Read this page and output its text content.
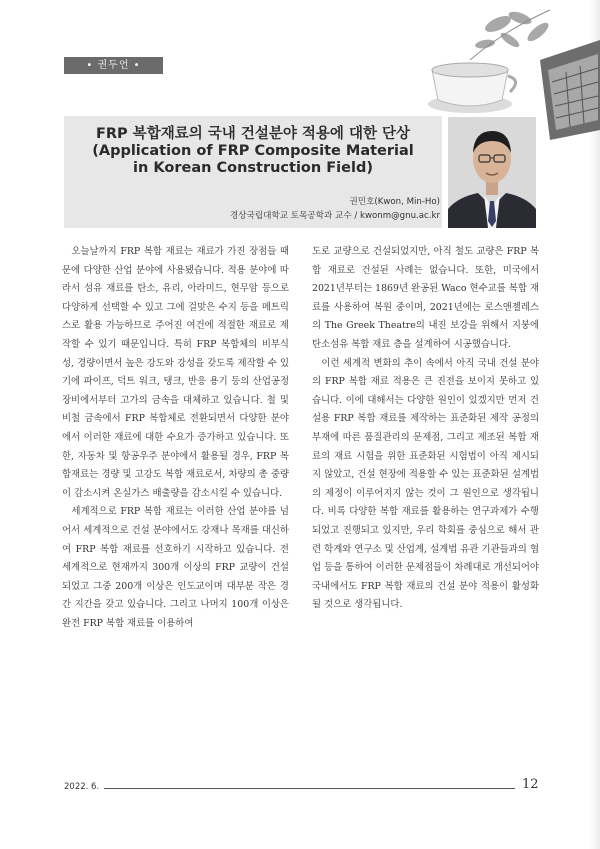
• 권두언 •
FRP 복합재료의 국내 건설분야 적용에 대한 단상
(Application of FRP Composite Material
in Korean Construction Field)
권민호(Kwon, Min-Ho)
경상국립대학교 토목공학과 교수 / kwonm@gnu.ac.kr

오늘날까지 FRP 복합 재료는 재료가 가진 장점들 때문에 다양한 산업 분야에 사용됐습니다. 적용 분야에 따라서 섬유 재료를 탄소, 유리, 아라미드, 현무암 등으로 다양하게 선택할 수 있고 그에 걸맞은 수지 등을 메트릭스로 활용 가능하므로 주어진 여건에 적절한 재료로 제작할 수 있기 때문입니다. 특히 FRP 복합체의 비부식성, 경량이면서 높은 강도와 강성을 갖도록 제작할 수 있기에 파이프, 덕트 워크, 탱크, 반응 용기 등의 산업공정 장비에서부터 고가의 금속을 대체하고 있습니다. 철 및 비철 금속에서 FRP 복합체로 전환되면서 다양한 분야에서 이러한 재료에 대한 수요가 증가하고 있습니다. 또한, 자동차 및 항공우주 분야에서 활용될 경우, FRP 복합재료는 경량 및 고강도 복합 재료로서, 차량의 총 중량이 감소시켜 온실가스 배출량을 감소시킬 수 있습니다.

세계적으로 FRP 복합 재료는 이러한 산업 분야를 넘어서 세계적으로 건설 분야에서도 강재나 목재를 대신하여 FRP 복합 재료를 선호하기 시작하고 있습니다. 전 세계적으로 현재까지 300개 이상의 FRP 교량이 건설되었고 그중 200개 이상은 인도교이며 대부분 작은 경간 지간을 갖고 있습니다. 그리고 나머지 100개 이상은 완전 FRP 복합 재료를 이용하여

도로 교량으로 건설되었지만, 아직 철도 교량은 FRP 복합 재료로 건설된 사례는 없습니다. 또한, 미국에서 2021년부터는 1869년 완공된 Waco 현수교를 복합 재료를 사용하여 복원 중이며, 2021년에는 로스앤젤레스의 The Greek Theatre의 내진 보강을 위해서 지붕에 탄소섬유 복합 재료 층을 설계하여 시공했습니다.

이런 세계적 변화의 추이 속에서 아직 국내 건설 분야의 FRP 복합 재료 적용은 큰 진전을 보이지 못하고 있습니다. 이에 대해서는 다양한 원인이 있겠지만 먼저 건설용 FRP 복합 재료를 제작하는 표준화된 제작 공정의 부재에 따른 품질관리의 문제점, 그리고 제조된 복합 재료의 재료 시험을 위한 표준화된 시험법이 아직 제시되지 않았고, 건설 현장에 적용할 수 있는 표준화된 설계법의 제정이 이루어지지 않는 것이 그 원인으로 생각됩니다. 비록 다양한 복합 재료를 활용하는 연구과제가 수행되었고 진행되고 있지만, 우리 학회를 중심으로 해서 관련 학계와 연구소 및 산업계, 설계법 유관 기관들과의 협업 등을 통하여 이러한 문제점들이 차례대로 개선되어야 국내에서도 FRP 복합 재료의 건설 분야 적용이 활성화될 것으로 생각됩니다.

2022. 6.	12
